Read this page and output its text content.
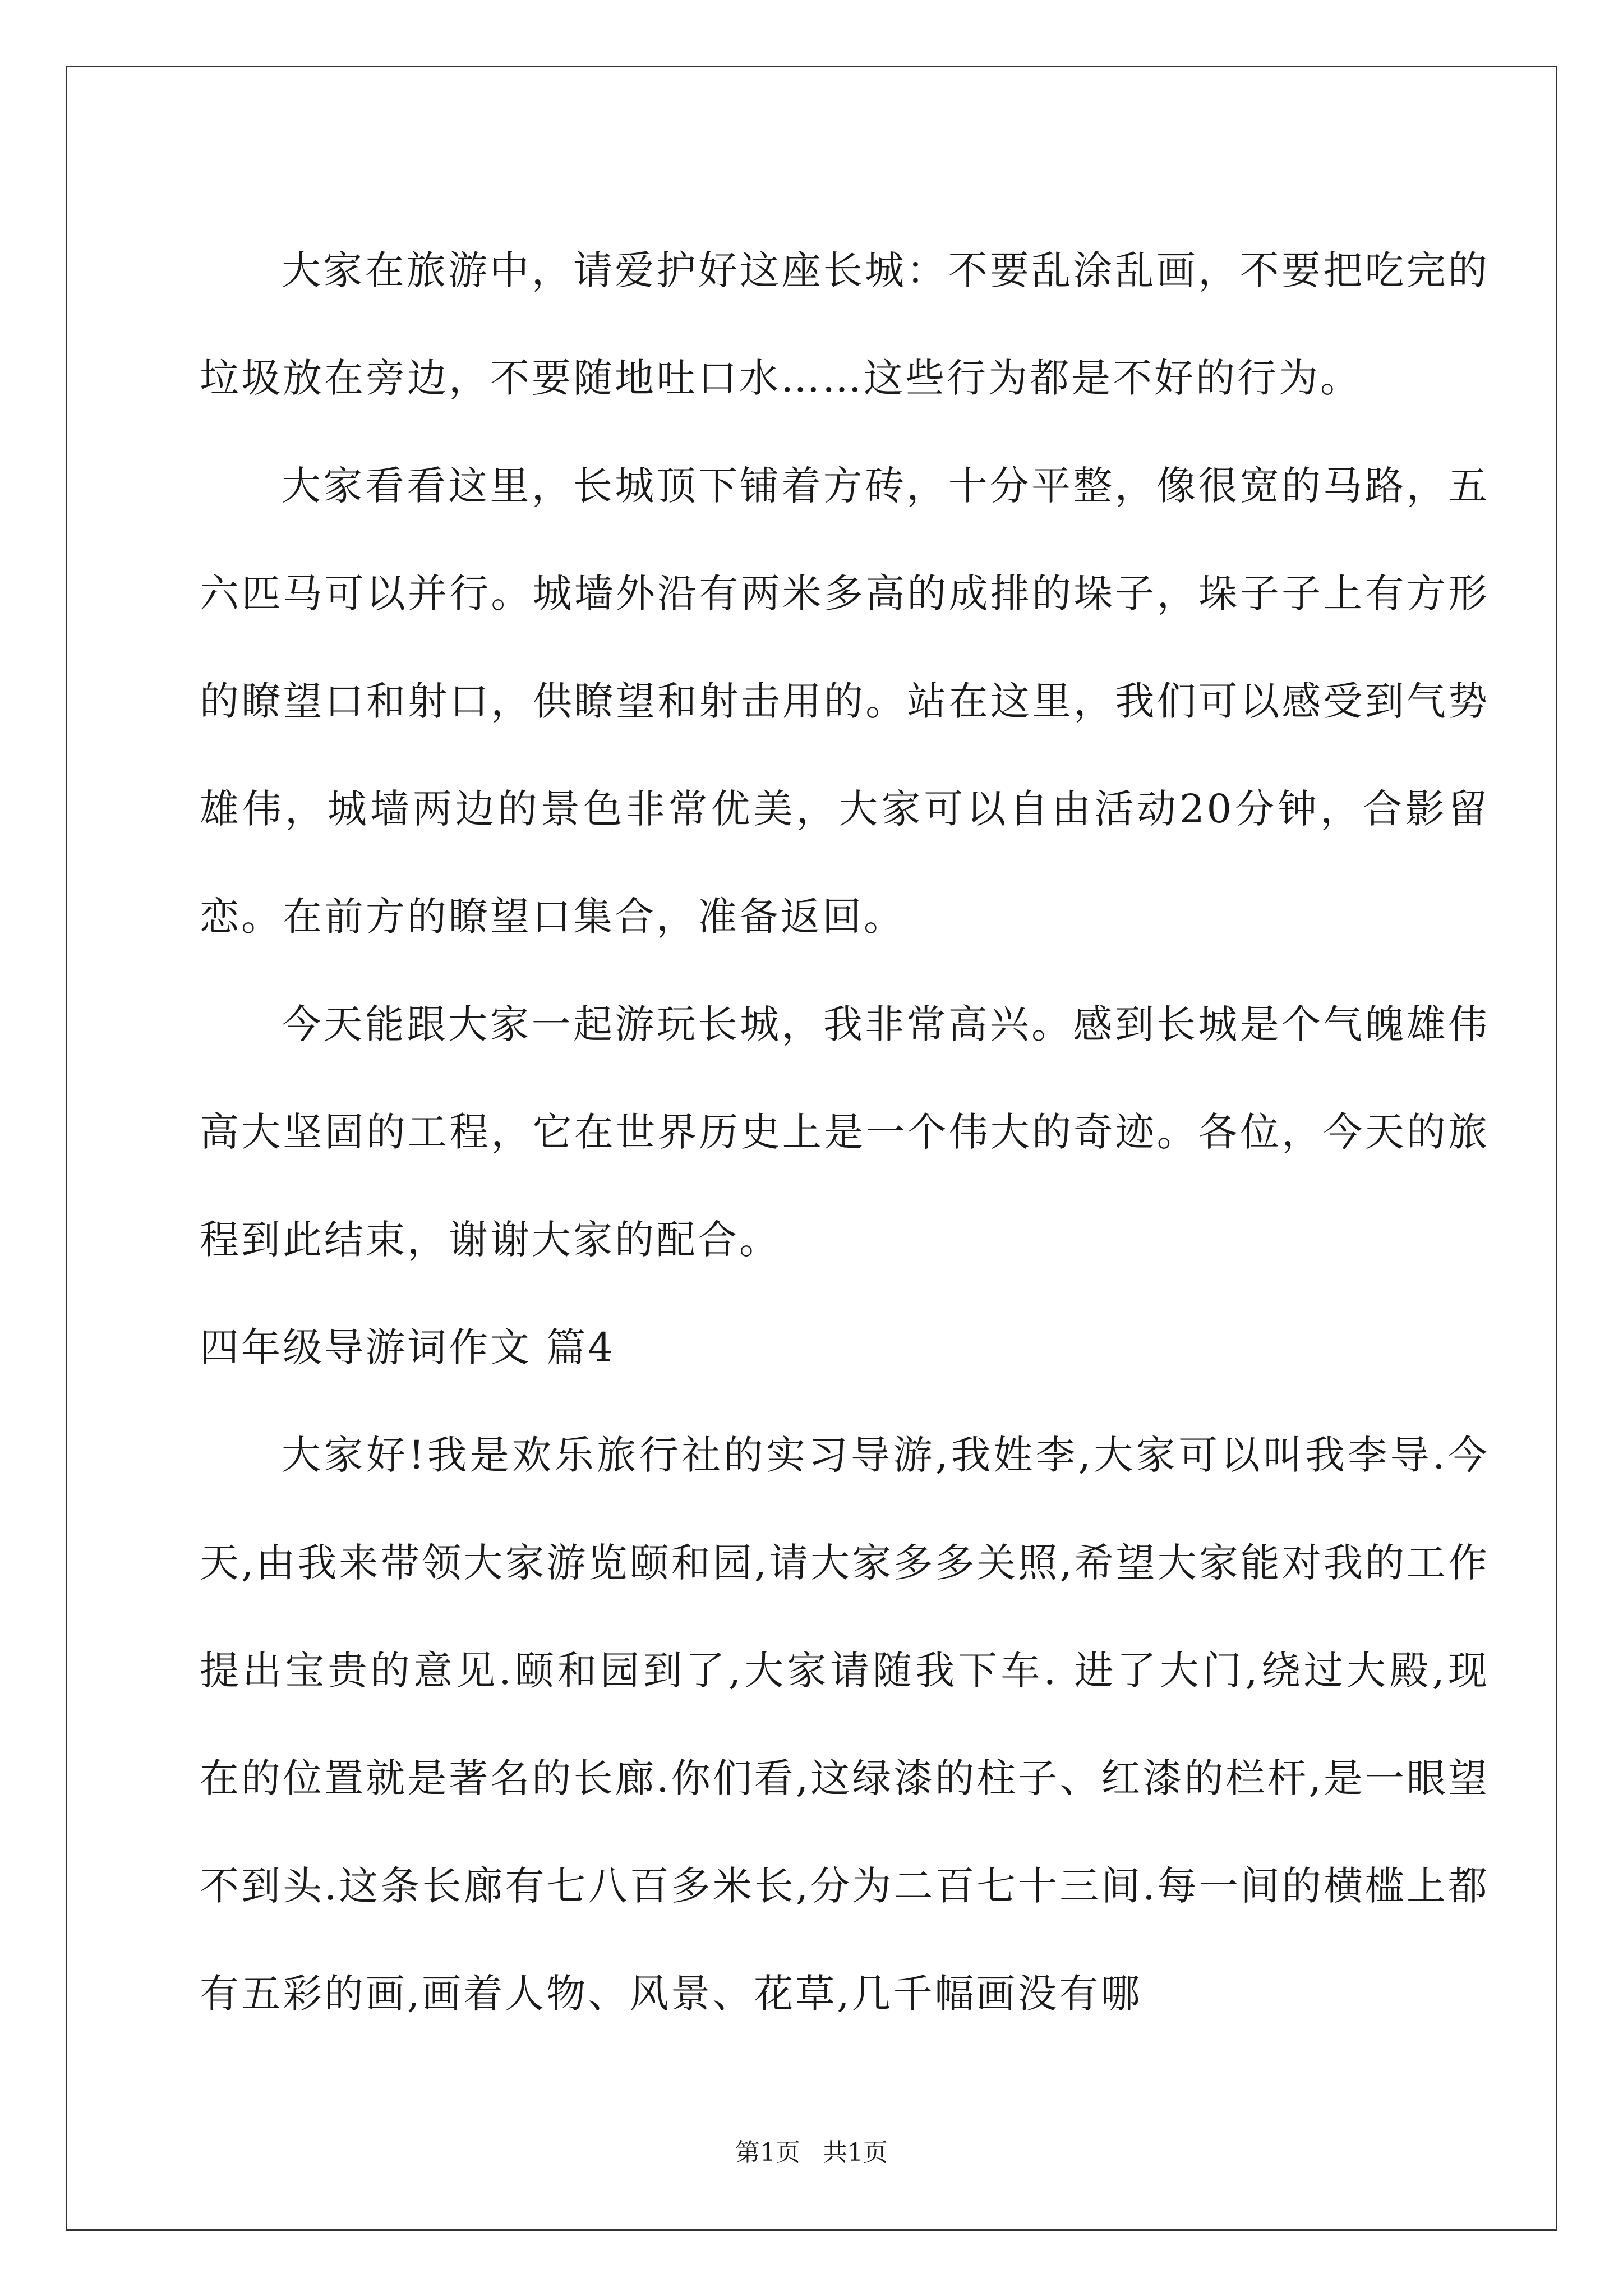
大家在旅游中，请爱护好这座长城：不要乱涂乱画，不要把吃完的垃圾放在旁边，不要随地吐口水……这些行为都是不好的行为。

大家看看这里，长城顶下铺着方砖，十分平整，像很宽的马路，五六匹马可以并行。城墙外沿有两米多高的成排的垛子，垛子子上有方形的瞭望口和射口，供瞭望和射击用的。站在这里，我们可以感受到气势雄伟，城墙两边的景色非常优美，大家可以自由活动20分钟，合影留恋。在前方的瞭望口集合，准备返回。

今天能跟大家一起游玩长城，我非常高兴。感到长城是个气魄雄伟高大坚固的工程，它在世界历史上是一个伟大的奇迹。各位，今天的旅程到此结束，谢谢大家的配合。

四年级导游词作文 篇4

大家好!我是欢乐旅行社的实习导游,我姓李,大家可以叫我李导.今天,由我来带领大家游览颐和园,请大家多多关照,希望大家能对我的工作提出宝贵的意见.颐和园到了,大家请随我下车. 进了大门,绕过大殿,现在的位置就是著名的长廊.你们看,这绿漆的柱子、红漆的栏杆,是一眼望不到头.这条长廊有七八百多米长,分为二百七十三间.每一间的横槛上都有五彩的画,画着人物、风景、花草,几千幅画没有哪

第1页 共1页
